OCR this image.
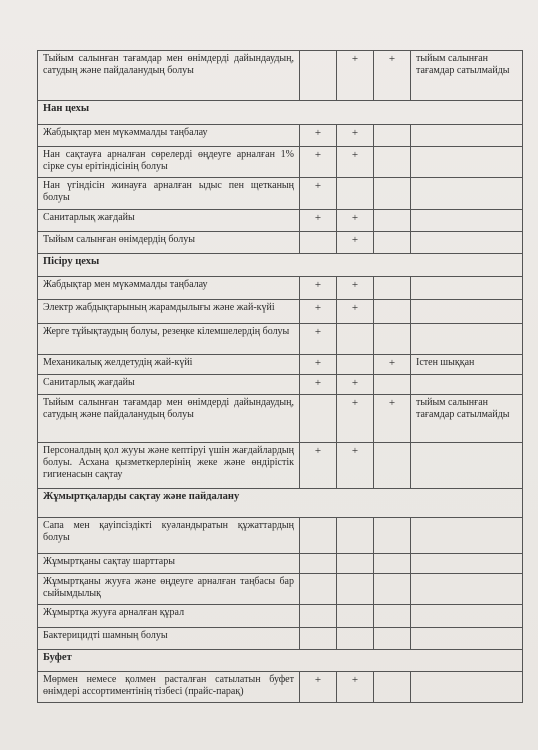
Тыйым салынған тағамдар мен өнімдерді дайындаудың, сатудың және пайдаланудың болуы		+	+	тыйым салынған тағамдар сатылмайды
Нан цехы				
Жабдықтар мен мүкәммалды таңбалау	+	+		
Нан сақтауға арналған сөрелерді өңдеуге арналған 1% сірке суы ерітіндісінің болуы	+	+		
Нан үгіндісін жинауға арналған ыдыс пен щетканың болуы	+			
Санитарлық жағдайы	+	+		
Тыйым салынған өнімдердің болуы		+		
Пісіру цехы				
Жабдықтар мен мүкәммалды таңбалау	+	+		
Электр жабдықтарының жарамдылығы және жай-күйі	+	+		
Жерге тұйықтаудың болуы, резеңке кілемшелердің болуы	+			
Механикалық желдетудің жай-күйі	+		+	Істен шыққан
Санитарлық жағдайы	+	+		
Тыйым салынған тағамдар мен өнімдерді дайындаудың, сатудың және пайдаланудың болуы		+	+	тыйым салынған тағамдар сатылмайды
Персоналдың қол жууы және кептіруі үшін жағдайлардың болуы. Асхана қызметкерлерінің жеке және өндірістік гигиенасын сақтау	+	+		
Жұмыртқаларды сақтау және пайдалану				
Сапа мен қауіпсіздікті куәландыратын құжаттардың болуы				
Жұмыртқаны сақтау шарттары				
Жұмыртқаны жууға және өңдеуге арналған таңбасы бар сыйымдылық				
Жұмыртқа жууға арналған құрал				
Бактерицидті шамның болуы				
Буфет				
Мөрмен немесе қолмен расталған сатылатын буфет өнімдері ассортиментінің тізбесі (прайс-парақ)	+	+		
